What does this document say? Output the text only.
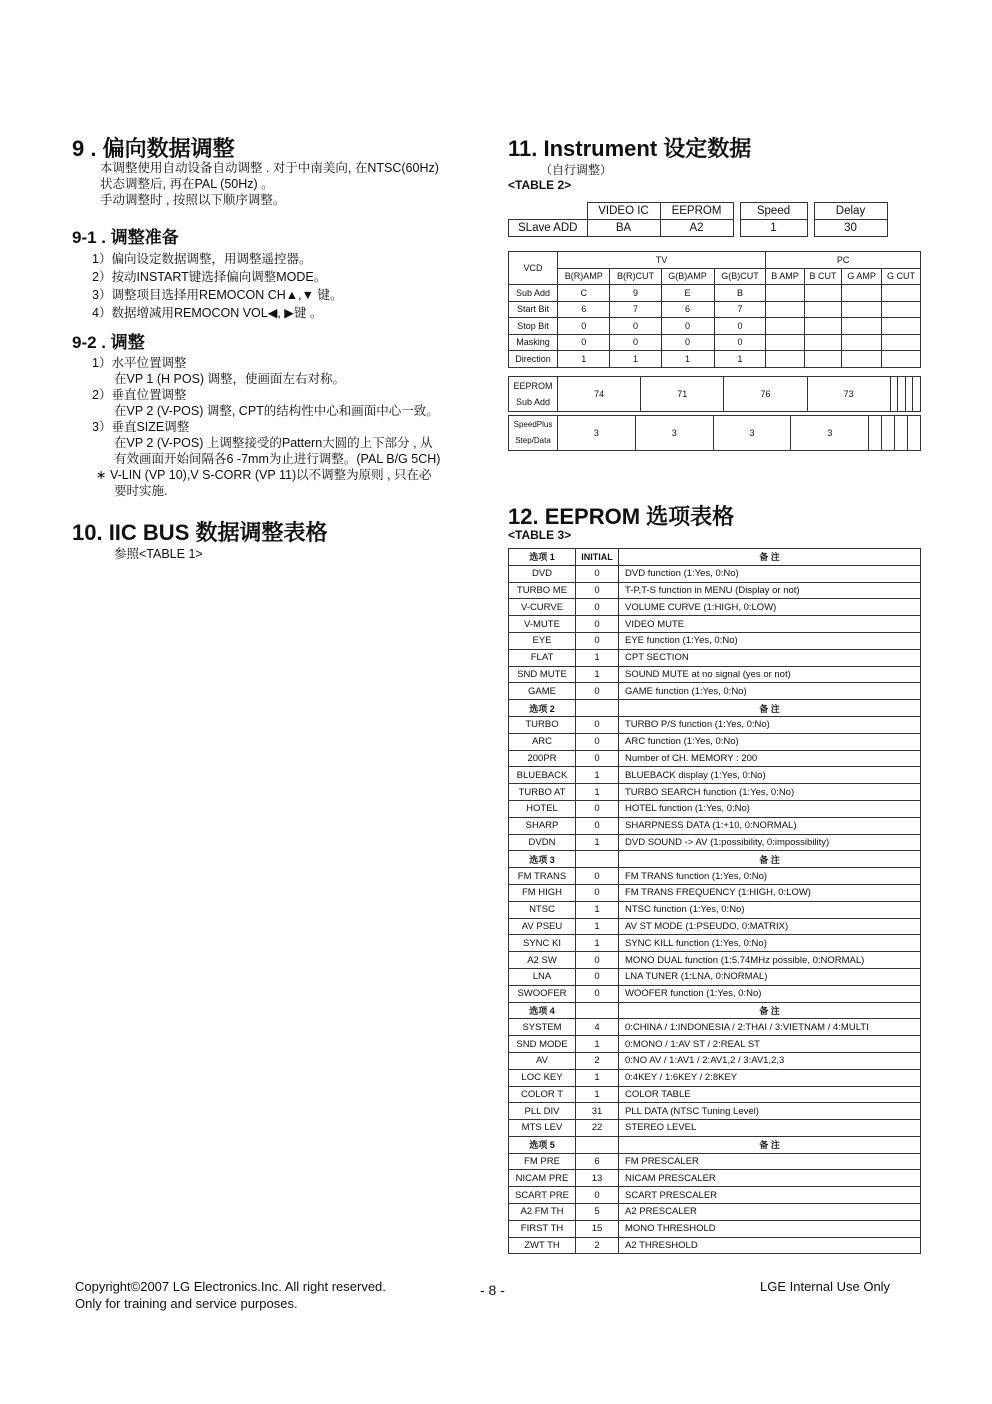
9 . 偏向数据调整
本调整使用自动设备自动调整 . 对于中南美向, 在NTSC(60Hz)
状态调整后, 再在PAL (50Hz) 。
手动调整时 , 按照以下顺序调整。
9-1 . 调整准备
1）偏向设定数据调整，用调整遥控器。
2）按动INSTART键选择偏向调整MODE。
3）调整项目选择用REMOCON CH▲,▼ 键。
4）数据增减用REMOCON VOL◀, ▶键 。
9-2 . 调整
1）水平位置调整
在VP 1 (H POS) 调整，使画面左右对称。
2）垂直位置调整
在VP 2 (V-POS) 调整, CPT的结构性中心和画面中心一致。
3）垂直SIZE调整
在VP 2 (V-POS) 上调整接受的Pattern大圆的上下部分 , 从
有效画面开始间隔各6 -7mm为止进行调整。(PAL B/G 5CH)
∗ V-LIN (VP 10),V S-CORR (VP 11)以不调整为原则 , 只在必
要时实施.
10. IIC BUS 数据调整表格
参照<TABLE 1>
11. Instrument 设定数据
（自行调整）
<TABLE 2>
	VIDEO IC	EEPROM		Speed		Delay
SLave ADD	BA	A2		1		30
VCD	TV				PC			
	B(R)AMP	B(R)CUT	G(B)AMP	G(B)CUT	B AMP	B CUT	G AMP	G CUT
Sub Add	C	9	E	B				
Start Bit	6	7	6	7				
Stop Bit	0	0	0	0				
Masking	0	0	0	0				
Direction	1	1	1	1				
EEPROM
Sub Add
	74	71	76	73				
SpeedPlus
Step/Data
	3	3	3	3				
12. EEPROM 选项表格
<TABLE 3>
选项 1	INITIAL	备 注
DVD	0	DVD function (1:Yes, 0:No)
TURBO ME	0	T-P,T-S function in MENU (Display or not)
V-CURVE	0	VOLUME CURVE (1:HIGH, 0:LOW)
V-MUTE	0	VIDEO MUTE
EYE	0	EYE function (1:Yes, 0:No)
FLAT	1	CPT SECTION
SND MUTE	1	SOUND MUTE at no signal (yes or not)
GAME	0	GAME function (1:Yes, 0:No)
选项 2		备 注
TURBO	0	TURBO P/S function (1:Yes, 0:No)
ARC	0	ARC function (1:Yes, 0:No)
200PR	0	Number of CH. MEMORY : 200
BLUEBACK	1	BLUEBACK display (1:Yes, 0:No)
TURBO AT	1	TURBO SEARCH function (1:Yes, 0:No)
HOTEL	0	HOTEL function (1:Yes, 0:No)
SHARP	0	SHARPNESS DATA (1:+10, 0:NORMAL)
DVDN	1	DVD SOUND -> AV (1:possibility, 0:impossibility)
选项 3		备 注
FM TRANS	0	FM TRANS function (1:Yes, 0:No)
FM HIGH	0	FM TRANS FREQUENCY (1:HIGH, 0:LOW)
NTSC	1	NTSC function (1:Yes, 0:No)
AV PSEU	1	AV ST MODE (1:PSEUDO, 0:MATRIX)
SYNC KI	1	SYNC KILL function (1:Yes, 0:No)
A2 SW	0	MONO DUAL function (1:5.74MHz possible, 0:NORMAL)
LNA	0	LNA TUNER (1:LNA, 0:NORMAL)
SWOOFER	0	WOOFER function (1:Yes, 0:No)
选项 4		备 注
SYSTEM	4	0:CHINA / 1:INDONESIA / 2:THAI / 3:VIETNAM / 4:MULTI
SND MODE	1	0:MONO / 1:AV ST / 2:REAL ST
AV	2	0:NO AV / 1:AV1 / 2:AV1,2 / 3:AV1,2,3
LOC KEY	1	0:4KEY / 1:6KEY / 2:8KEY
COLOR T	1	COLOR TABLE
PLL DIV	31	PLL DATA (NTSC Tuning Level)
MTS LEV	22	STEREO LEVEL
选项 5		备 注
FM PRE	6	FM PRESCALER
NICAM PRE	13	NICAM PRESCALER
SCART PRE	0	SCART PRESCALER
A2 FM TH	5	A2 PRESCALER
FIRST TH	15	MONO THRESHOLD
ZWT TH	2	A2 THRESHOLD
Copyright©2007 LG Electronics.Inc. All right reserved.
Only for training and service purposes.
- 8 -	LGE Internal Use Only
